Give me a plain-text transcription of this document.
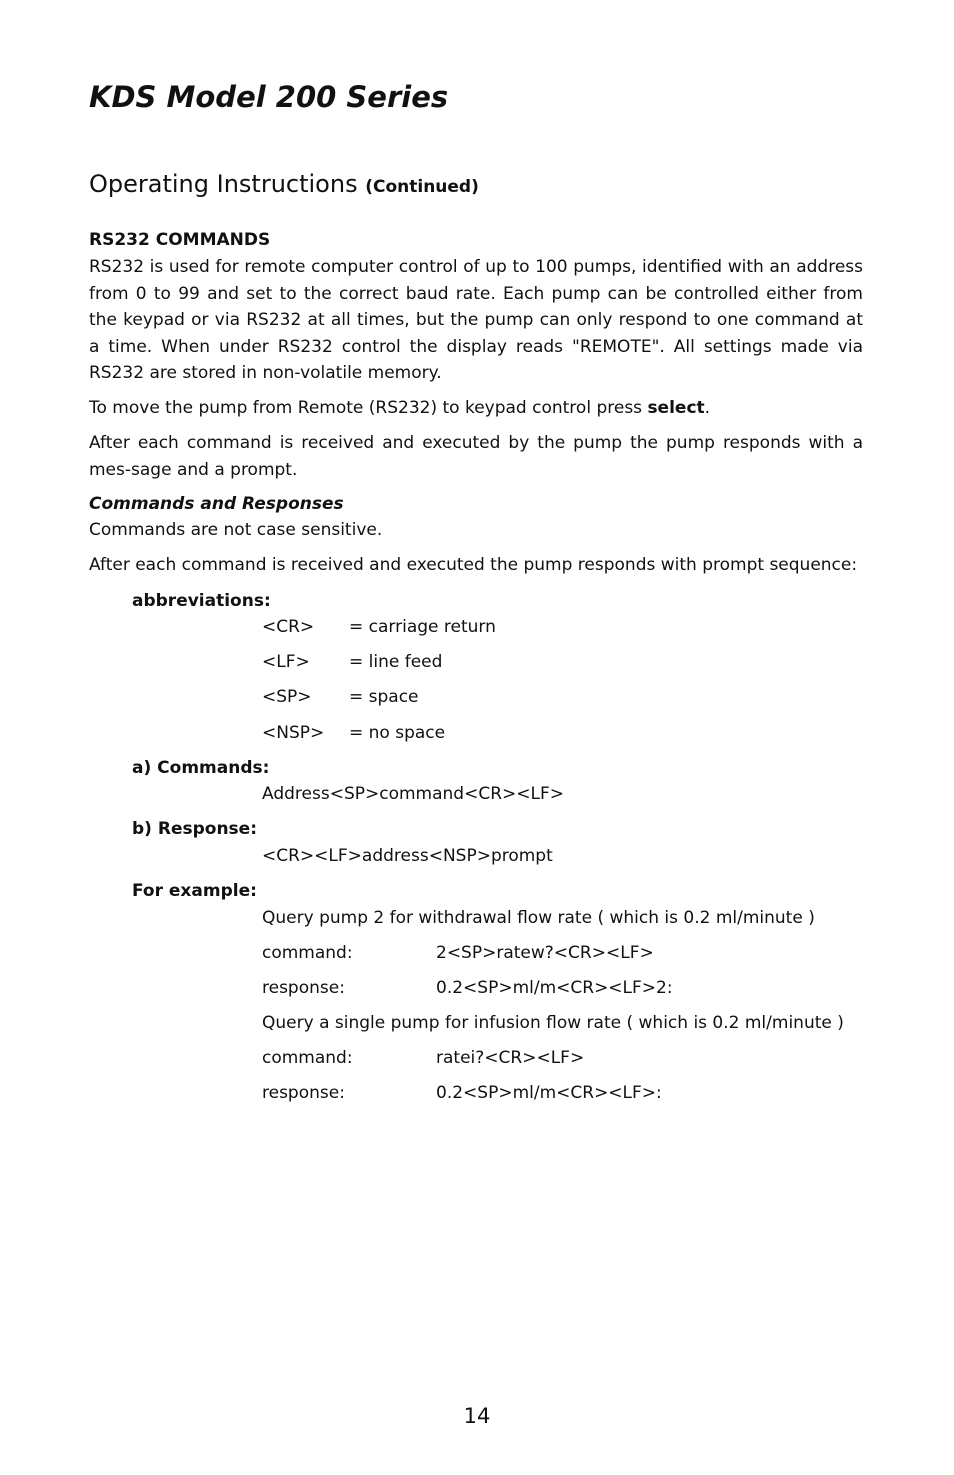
KDS Model 200 Series
Operating Instructions (Continued)
RS232 COMMANDS
RS232 is used for remote computer control of up to 100 pumps, identified with an address from 0 to 99 and set to the correct baud rate. Each pump can be controlled either from the keypad or via RS232 at all times, but the pump can only respond to one command at a time. When under RS232 control the display reads "REMOTE". All settings made via RS232 are stored in non-volatile memory.
To move the pump from Remote (RS232) to keypad control press select.
After each command is received and executed by the pump the pump responds with a mes-sage and a prompt.
Commands and Responses
Commands are not case sensitive.
After each command is received and executed the pump responds with prompt sequence:
abbreviations:
<CR> = carriage return
<LF> = line feed
<SP> = space
<NSP> = no space
a) Commands:
Address<SP>command<CR><LF>
b) Response:
<CR><LF>address<NSP>prompt
For example:
Query pump 2 for withdrawal flow rate ( which is 0.2 ml/minute )
command:	2<SP>ratew?<CR><LF>
response:	0.2<SP>ml/m<CR><LF>2:
Query a single pump for infusion flow rate ( which is 0.2 ml/minute )
command:	ratei?<CR><LF>
response:	0.2<SP>ml/m<CR><LF>:
14
